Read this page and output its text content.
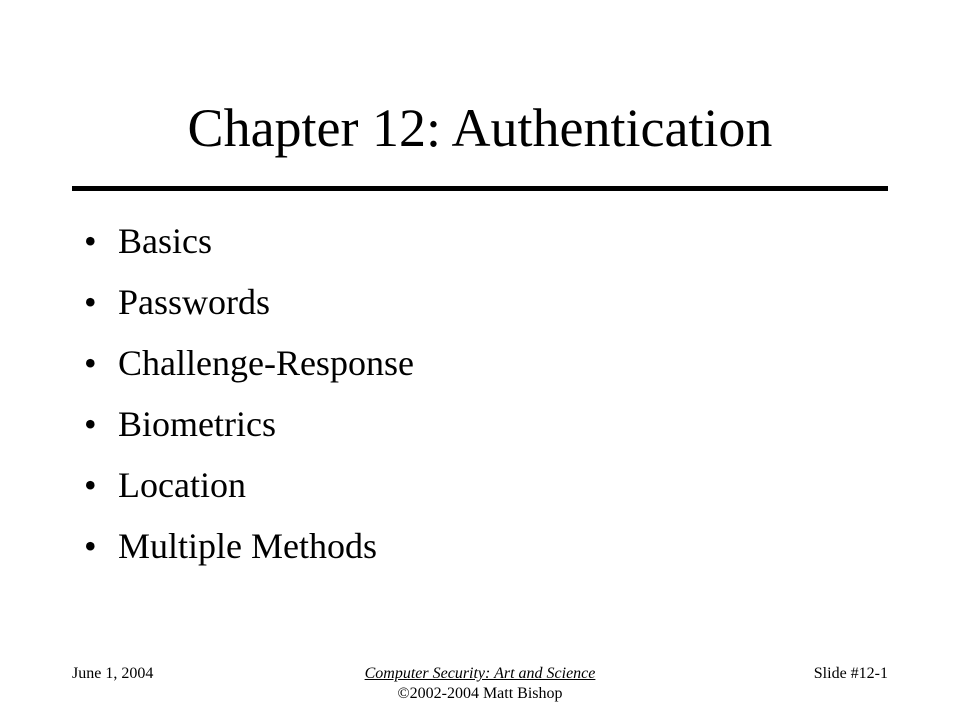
Chapter 12: Authentication
• Basics
• Passwords
• Challenge-Response
• Biometrics
• Location
• Multiple Methods
June 1, 2004	Computer Security: Art and Science
©2002-2004 Matt Bishop
Slide #12-1
